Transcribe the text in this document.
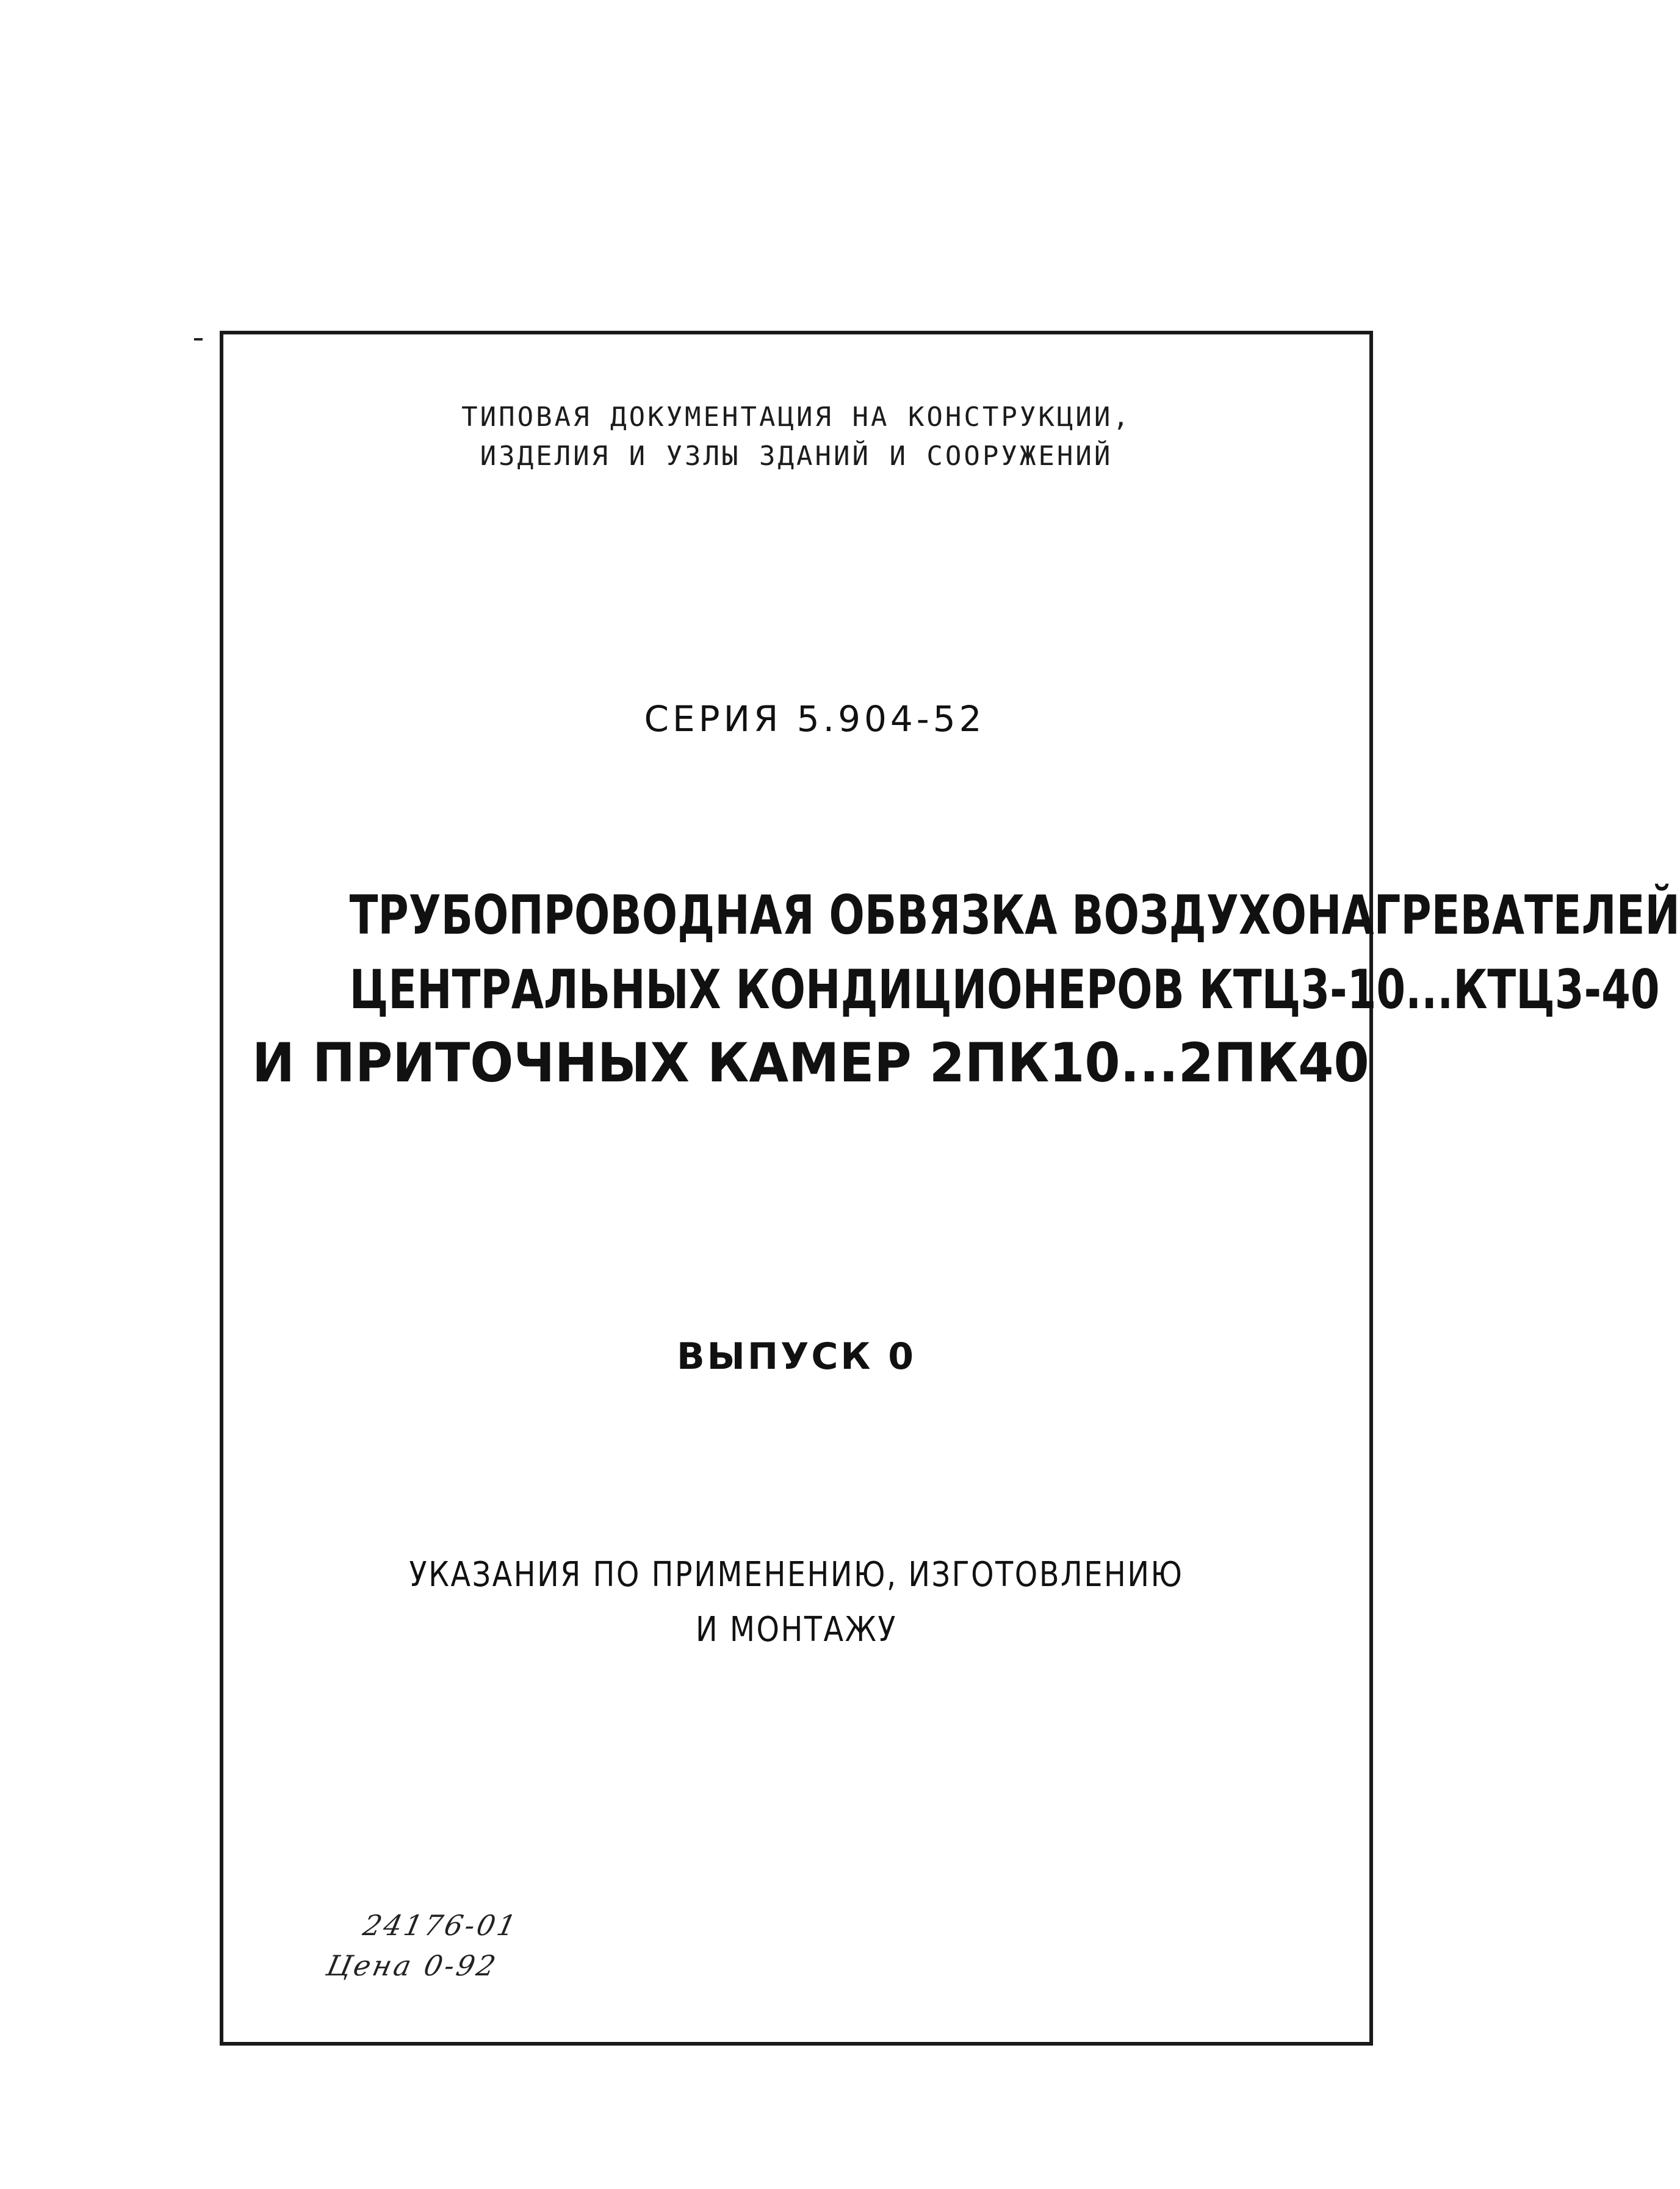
ТИПОВАЯ ДОКУМЕНТАЦИЯ НА КОНСТРУКЦИИ,
ИЗДЕЛИЯ И УЗЛЫ ЗДАНИЙ И СООРУЖЕНИЙ
СЕРИЯ 5.904-52
ТРУБОПРОВОДНАЯ ОБВЯЗКА ВОЗДУХОНАГРЕВАТЕЛЕЙ
ЦЕНТРАЛЬНЫХ КОНДИЦИОНЕРОВ КТЦ3-10...КТЦ3-40
И ПРИТОЧНЫХ КАМЕР 2ПК10...2ПК40
ВЫПУСК 0
УКАЗАНИЯ ПО ПРИМЕНЕНИЮ, ИЗГОТОВЛЕНИЮ
И МОНТАЖУ
24176-01
Цена 0-92
